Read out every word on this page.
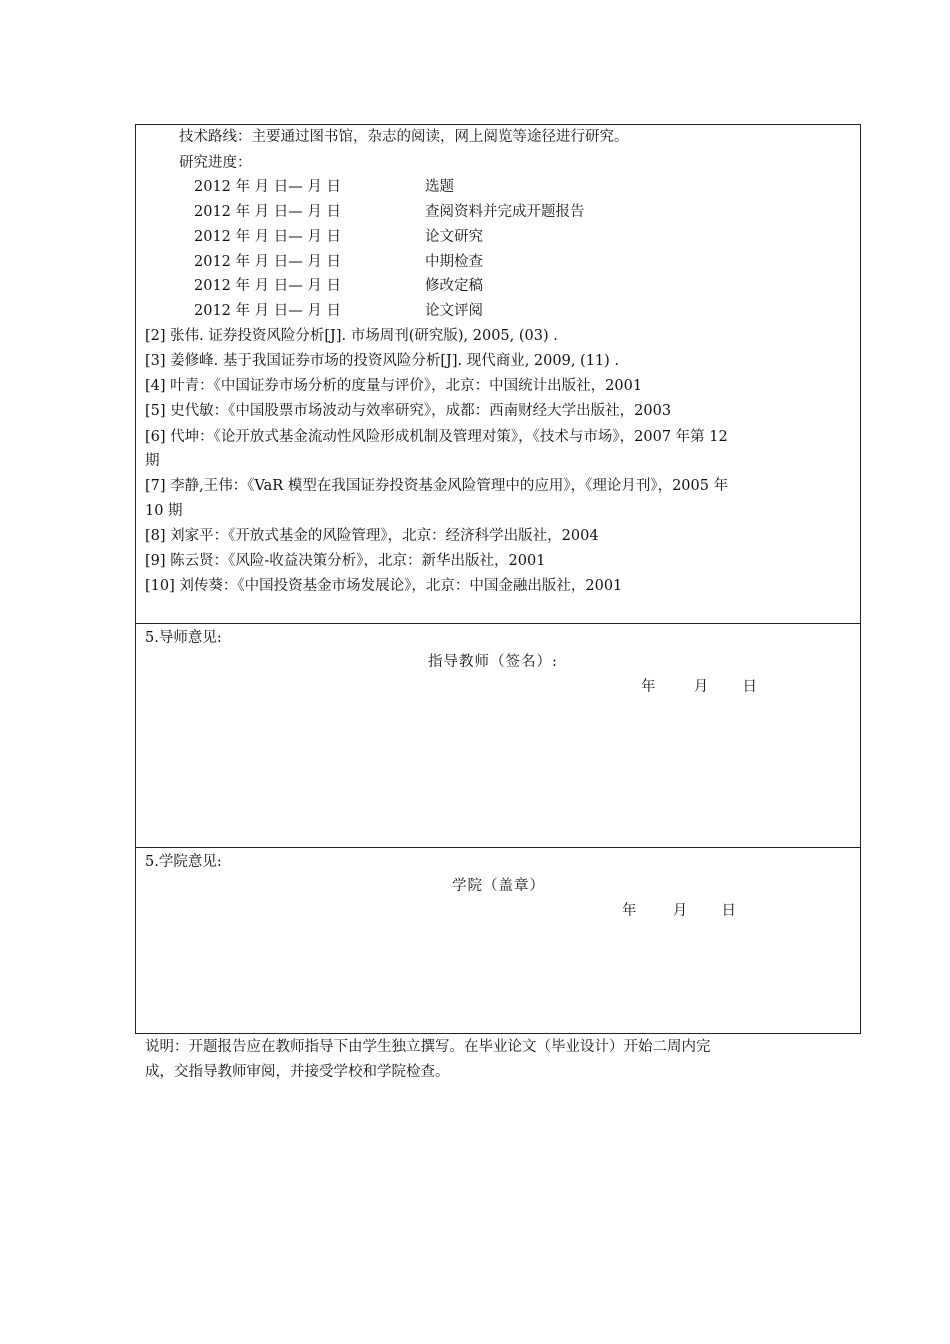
技术路线：主要通过图书馆，杂志的阅读，网上阅览等途径进行研究。
研究进度：
2012 年 月 日— 月 日	选题
2012 年 月 日— 月 日	查阅资料并完成开题报告
2012 年 月 日— 月 日	论文研究
2012 年 月 日— 月 日	中期检查
2012 年 月 日— 月 日	修改定稿
2012 年 月 日— 月 日	论文评阅
[2] 张伟. 证券投资风险分析[J]. 市场周刊(研究版), 2005, (03) .
[3] 姜修峰. 基于我国证券市场的投资风险分析[J]. 现代商业, 2009, (11) .
[4] 叶青：《中国证券市场分析的度量与评价》，北京：中国统计出版社，2001
[5] 史代敏：《中国股票市场波动与效率研究》，成都：西南财经大学出版社，2003
[6] 代坤：《论开放式基金流动性风险形成机制及管理对策》，《技术与市场》，2007 年第 12
期
[7] 李静,王伟：《VaR 模型在我国证券投资基金风险管理中的应用》，《理论月刊》，2005 年
10 期
[8] 刘家平：《开放式基金的风险管理》，北京：经济科学出版社，2004
[9] 陈云贤：《风险-收益决策分析》，北京：新华出版社，2001
[10] 刘传葵：《中国投资基金市场发展论》，北京：中国金融出版社，2001
5.导师意见:
指导教师（签名）:
年	月 日
5.学院意见:
学院（盖章）
年 月 日
说明：开题报告应在教师指导下由学生独立撰写。在毕业论文（毕业设计）开始二周内完
成，交指导教师审阅，并接受学校和学院检查。
